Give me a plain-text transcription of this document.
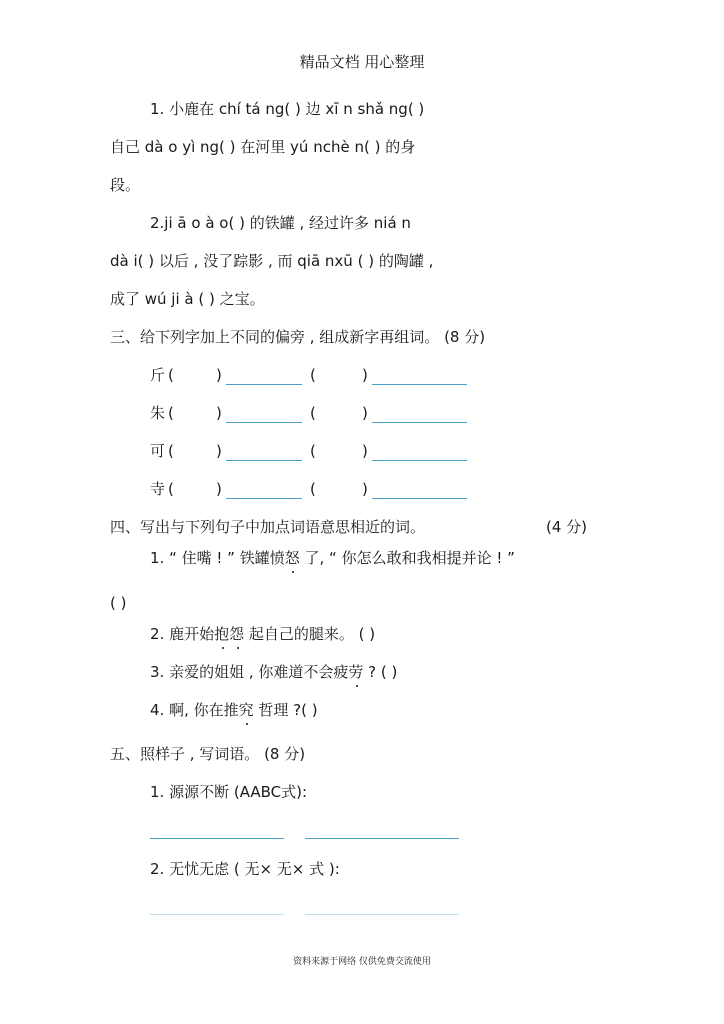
精品文档 用心整理
1. 小鹿在 chí tá ng( ) 边 xī n shǎ ng( )
自己 dà o yì ng( ) 在河里 yú nchè n( ) 的身
段。
2.ji ā o à o( ) 的铁罐 , 经过许多 niá n
dà i( ) 以后 , 没了踪影 , 而 qiā nxū ( ) 的陶罐 ,
成了 wú ji à ( ) 之宝。
三、给下列字加上不同的偏旁 , 组成新字再组词。 (8 分)
斤 (	)	(	)
朱 (	)	(	)
可 (	)	(	)
寺 (	)	(	)
四、写出与下列句子中加点词语意思相近的词。	(4 分)
1. “ 住嘴 ! ” 铁罐愤怒 了, “ 你怎么敢和我相提并论 ! ”
( )
2. 鹿开始抱怨 起自己的腿来。 ( )
3. 亲爱的姐姐 , 你难道不会疲劳 ? ( )
4. 啊, 你在推究 哲理 ?( )
五、照样子 , 写词语。 (8 分)
1. 源源不断 (AABC式):
2. 无忧无虑 ( 无× 无× 式 ):
资料来源于网络 仅供免费交流使用
